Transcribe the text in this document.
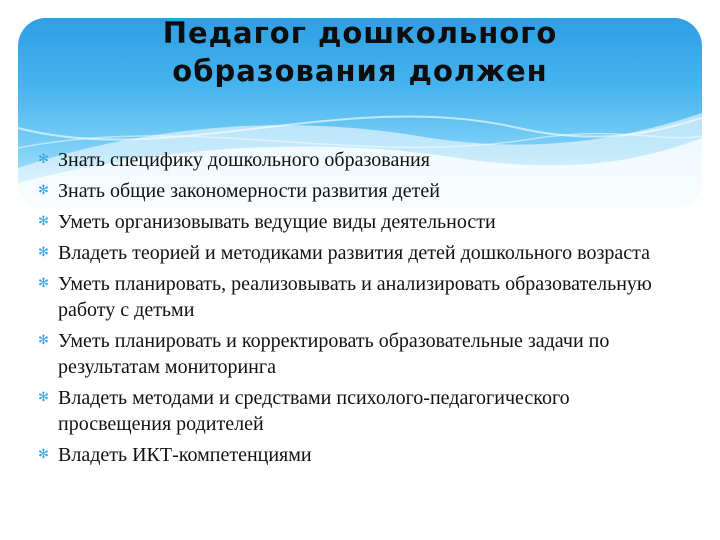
Педагог дошкольного
образования должен
✻ Знать специфику дошкольного образования
✻ Знать общие закономерности развития детей
✻ Уметь организовывать ведущие виды деятельности
✻ Владеть теорией и методиками развития детей дошкольного возраста
✻ Уметь планировать, реализовывать и анализировать образовательную работу с детьми
✻ Уметь планировать и корректировать образовательные задачи по результатам мониторинга
✻ Владеть методами и средствами психолого-педагогического просвещения родителей
✻ Владеть ИКТ-компетенциями
